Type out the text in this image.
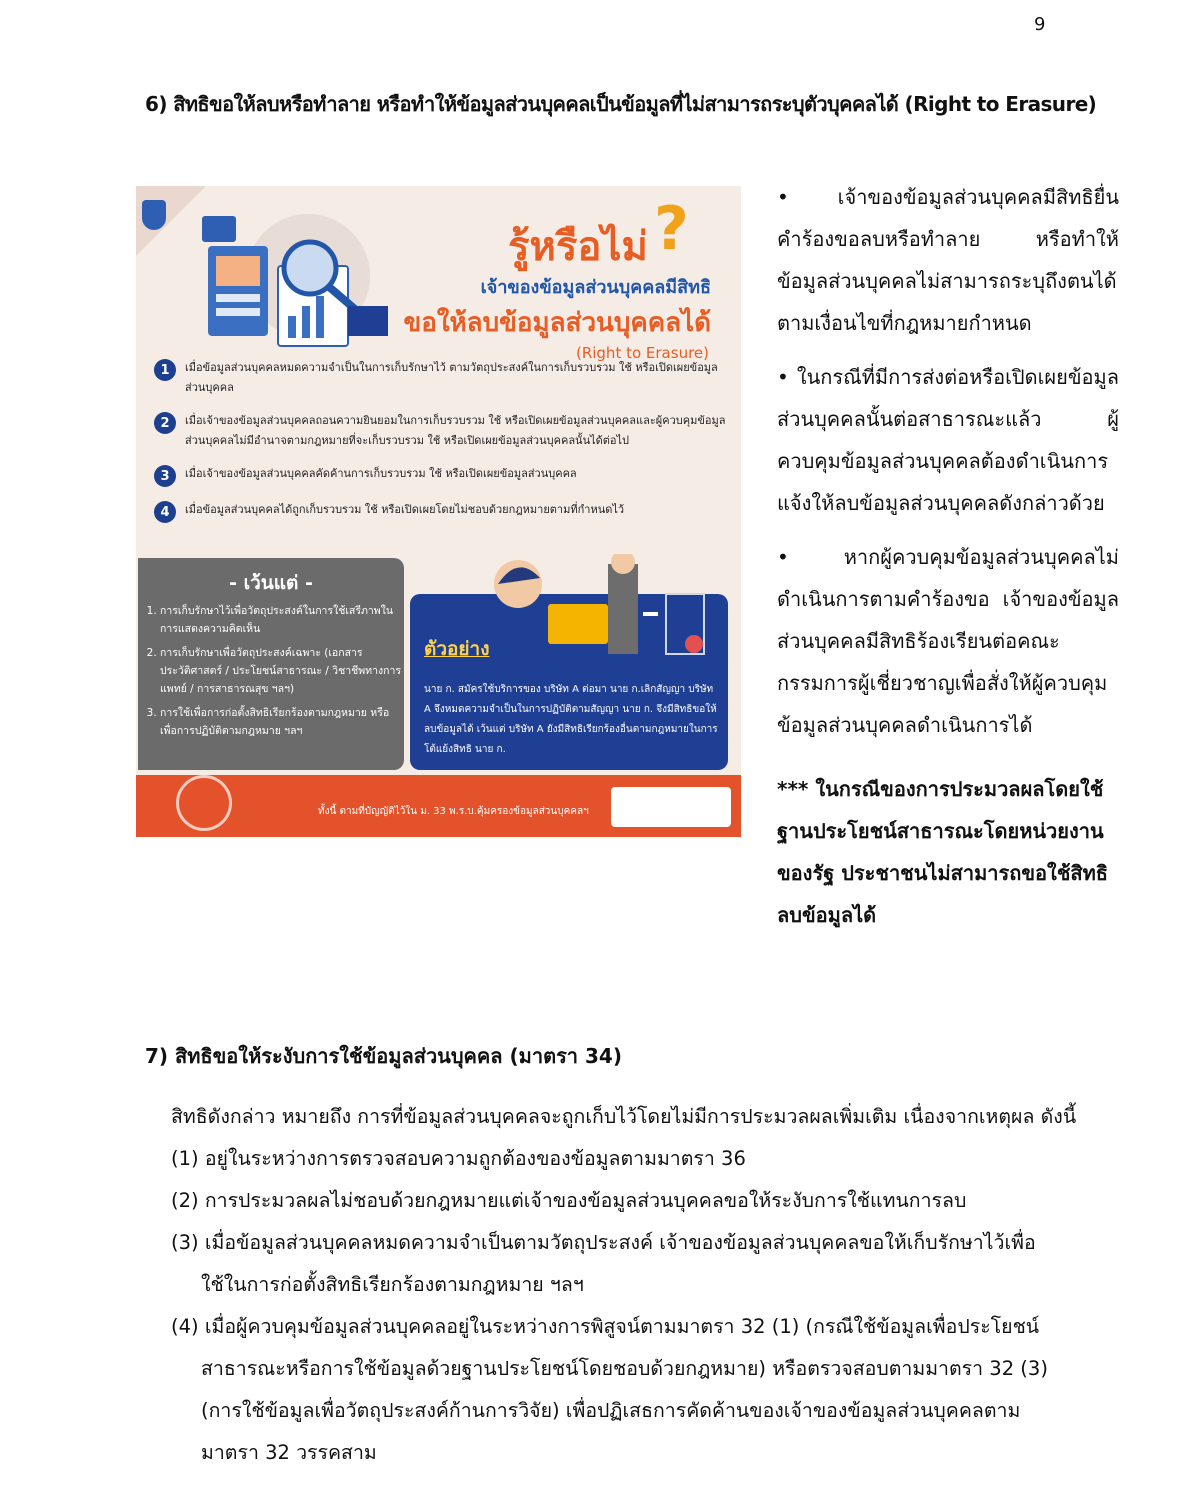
9
6) สิทธิขอให้ลบหรือทำลาย หรือทำให้ข้อมูลส่วนบุคคลเป็นข้อมูลที่ไม่สามารถระบุตัวบุคคลได้ (Right to Erasure)
รู้หรือไม่ ?
เจ้าของข้อมูลส่วนบุคคลมีสิทธิ
ขอให้ลบข้อมูลส่วนบุคคลได้
(Right to Erasure)
1	เมื่อข้อมูลส่วนบุคคลหมดความจำเป็นในการเก็บรักษาไว้ ตามวัตถุประสงค์ในการเก็บรวบรวม ใช้ หรือเปิดเผยข้อมูลส่วนบุคคล
2	เมื่อเจ้าของข้อมูลส่วนบุคคลถอนความยินยอมในการเก็บรวบรวม ใช้ หรือเปิดเผยข้อมูลส่วนบุคคลและผู้ควบคุมข้อมูลส่วนบุคคลไม่มีอำนาจตามกฎหมายที่จะเก็บรวบรวม ใช้ หรือเปิดเผยข้อมูลส่วนบุคคลนั้นได้ต่อไป
3	เมื่อเจ้าของข้อมูลส่วนบุคคลคัดค้านการเก็บรวบรวม ใช้ หรือเปิดเผยข้อมูลส่วนบุคคล
4	เมื่อข้อมูลส่วนบุคคลได้ถูกเก็บรวบรวม ใช้ หรือเปิดเผยโดยไม่ชอบด้วยกฎหมายตามที่กำหนดไว้
- เว้นแต่ -
1. การเก็บรักษาไว้เพื่อวัตถุประสงค์ในการใช้เสรีภาพในการแสดงความคิดเห็น
2. การเก็บรักษาเพื่อวัตถุประสงค์เฉพาะ (เอกสารประวัติศาสตร์ / ประโยชน์สาธารณะ / วิชาชีพทางการแพทย์ / การสาธารณสุข ฯลฯ)
3. การใช้เพื่อการก่อตั้งสิทธิเรียกร้องตามกฎหมาย หรือเพื่อการปฏิบัติตามกฎหมาย ฯลฯ
ตัวอย่าง
นาย ก. สมัครใช้บริการของ บริษัท A ต่อมา นาย ก.เลิกสัญญา บริษัท A จึงหมดความจำเป็นในการปฏิบัติตามสัญญา นาย ก. จึงมีสิทธิขอให้ลบข้อมูลได้ เว้นแต่ บริษัท A ยังมีสิทธิเรียกร้องอื่นตามกฎหมายในการโต้แย้งสิทธิ นาย ก.
ทั้งนี้ ตามที่บัญญัติไว้ใน ม. 33 พ.ร.บ.คุ้มครองข้อมูลส่วนบุคคลฯ

• เจ้าของข้อมูลส่วนบุคคลมีสิทธิยื่นคำร้องขอลบหรือทำลาย หรือทำให้ข้อมูลส่วนบุคคลไม่สามารถระบุถึงตนได้ตามเงื่อนไขที่กฎหมายกำหนด

• ในกรณีที่มีการส่งต่อหรือเปิดเผยข้อมูลส่วนบุคคลนั้นต่อสาธารณะแล้ว ผู้ควบคุมข้อมูลส่วนบุคคลต้องดำเนินการแจ้งให้ลบข้อมูลส่วนบุคคลดังกล่าวด้วย

• หากผู้ควบคุมข้อมูลส่วนบุคคลไม่ดำเนินการตามคำร้องขอ เจ้าของข้อมูลส่วนบุคคลมีสิทธิร้องเรียนต่อคณะกรรมการผู้เชี่ยวชาญเพื่อสั่งให้ผู้ควบคุมข้อมูลส่วนบุคคลดำเนินการได้

*** ในกรณีของการประมวลผลโดยใช้ฐานประโยชน์สาธารณะโดยหน่วยงานของรัฐ ประชาชนไม่สามารถขอใช้สิทธิลบข้อมูลได้
7) สิทธิขอให้ระงับการใช้ข้อมูลส่วนบุคคล (มาตรา 34)
สิทธิดังกล่าว หมายถึง การที่ข้อมูลส่วนบุคคลจะถูกเก็บไว้โดยไม่มีการประมวลผลเพิ่มเติม เนื่องจากเหตุผล ดังนี้
(1) อยู่ในระหว่างการตรวจสอบความถูกต้องของข้อมูลตามมาตรา 36
(2) การประมวลผลไม่ชอบด้วยกฎหมายแต่เจ้าของข้อมูลส่วนบุคคลขอให้ระงับการใช้แทนการลบ
(3) เมื่อข้อมูลส่วนบุคคลหมดความจำเป็นตามวัตถุประสงค์ เจ้าของข้อมูลส่วนบุคคลขอให้เก็บรักษาไว้เพื่อ
ใช้ในการก่อตั้งสิทธิเรียกร้องตามกฎหมาย ฯลฯ
(4) เมื่อผู้ควบคุมข้อมูลส่วนบุคคลอยู่ในระหว่างการพิสูจน์ตามมาตรา 32 (1) (กรณีใช้ข้อมูลเพื่อประโยชน์
สาธารณะหรือการใช้ข้อมูลด้วยฐานประโยชน์โดยชอบด้วยกฎหมาย) หรือตรวจสอบตามมาตรา 32 (3)
(การใช้ข้อมูลเพื่อวัตถุประสงค์ก้านการวิจัย) เพื่อปฏิเสธการคัดค้านของเจ้าของข้อมูลส่วนบุคคลตาม
มาตรา 32 วรรคสาม
